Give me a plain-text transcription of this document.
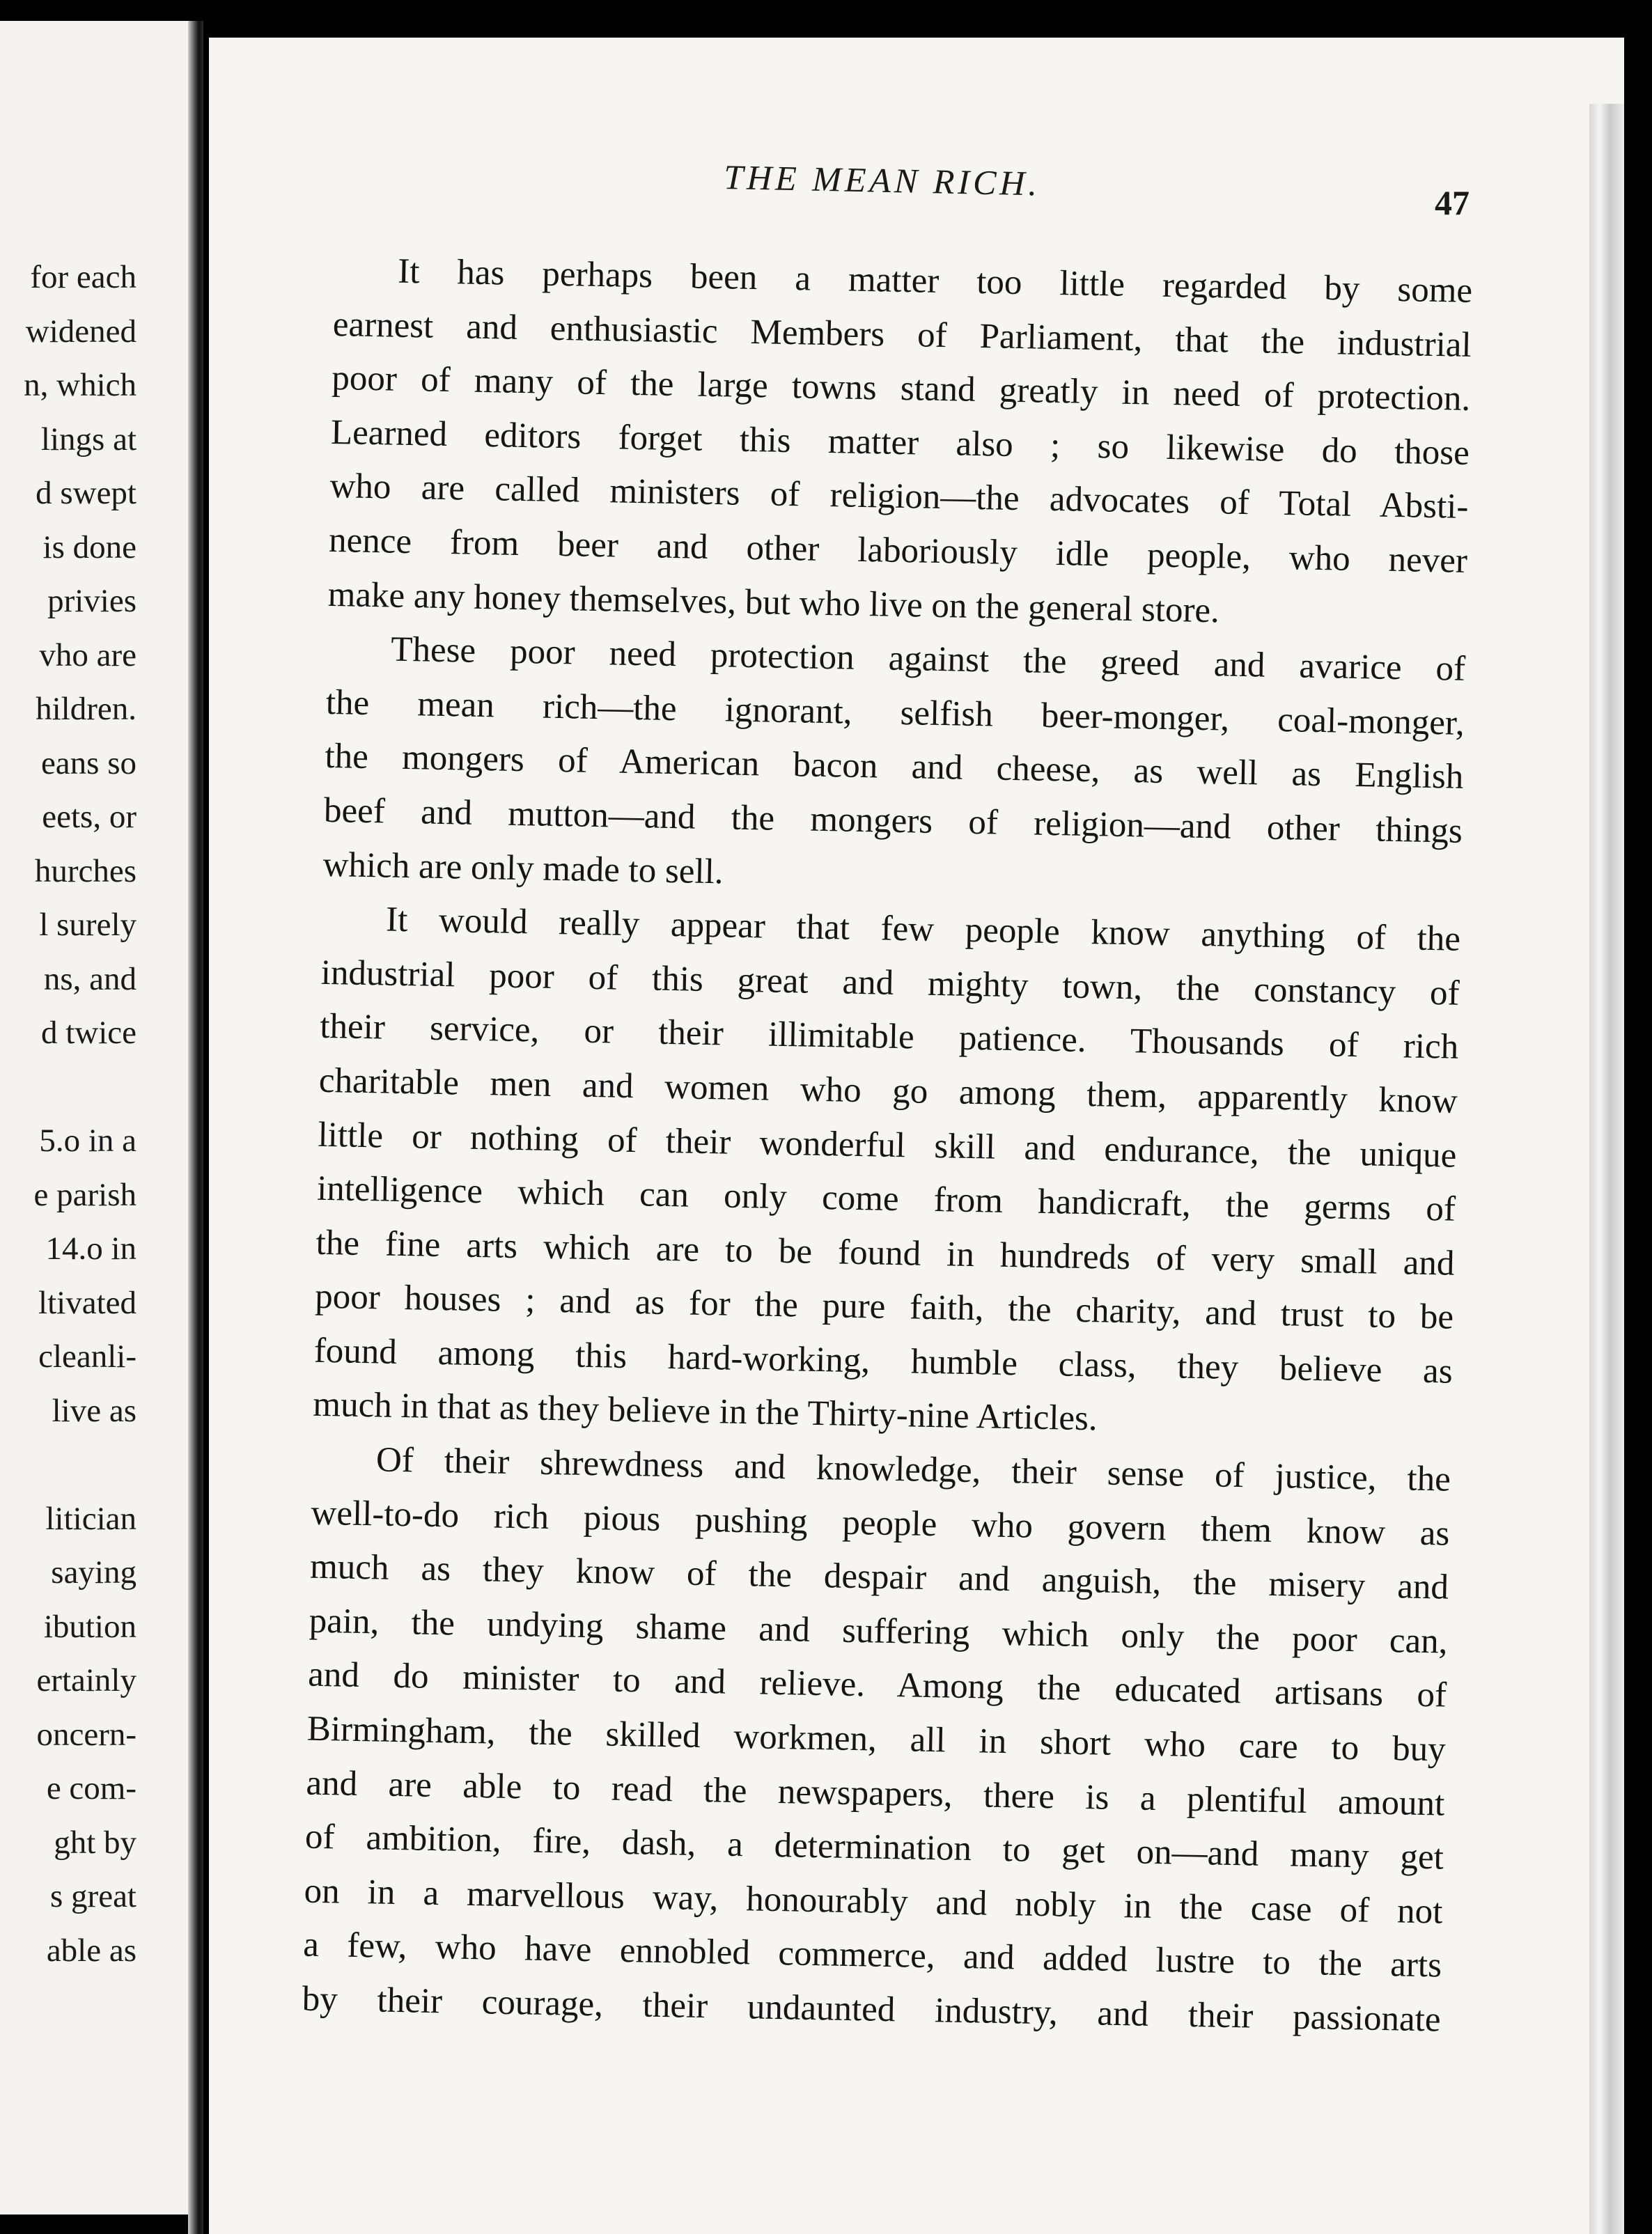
for each
widened
n, which
lings at
d swept
is done
privies
vho are
hildren.
eans so
eets, or
hurches
l surely
ns, and
d twice
5.o in a
e parish
14.o in
ltivated
cleanli-
live as
litician
saying
ibution
ertainly
oncern-
e com-
ght by
s great
able as
THE MEAN RICH.	47
It has perhaps been a matter too little regarded by some
earnest and enthusiastic Members of Parliament, that the industrial
poor of many of the large towns stand greatly in need of protection.
Learned editors forget this matter also ; so likewise do those
who are called ministers of religion—the advocates of Total Absti-
nence from beer and other laboriously idle people, who never
make any honey themselves, but who live on the general store.
These poor need protection against the greed and avarice of
the mean rich—the ignorant, selfish beer-monger, coal-monger,
the mongers of American bacon and cheese, as well as English
beef and mutton—and the mongers of religion—and other things
which are only made to sell.
It would really appear that few people know anything of the
industrial poor of this great and mighty town, the constancy of
their service, or their illimitable patience. Thousands of rich
charitable men and women who go among them, apparently know
little or nothing of their wonderful skill and endurance, the unique
intelligence which can only come from handicraft, the germs of
the fine arts which are to be found in hundreds of very small and
poor houses ; and as for the pure faith, the charity, and trust to be
found among this hard-working, humble class, they believe as
much in that as they believe in the Thirty-nine Articles.
Of their shrewdness and knowledge, their sense of justice, the
well-to-do rich pious pushing people who govern them know as
much as they know of the despair and anguish, the misery and
pain, the undying shame and suffering which only the poor can,
and do minister to and relieve. Among the educated artisans of
Birmingham, the skilled workmen, all in short who care to buy
and are able to read the newspapers, there is a plentiful amount
of ambition, fire, dash, a determination to get on—and many get
on in a marvellous way, honourably and nobly in the case of not
a few, who have ennobled commerce, and added lustre to the arts
by their courage, their undaunted industry, and their passionate
